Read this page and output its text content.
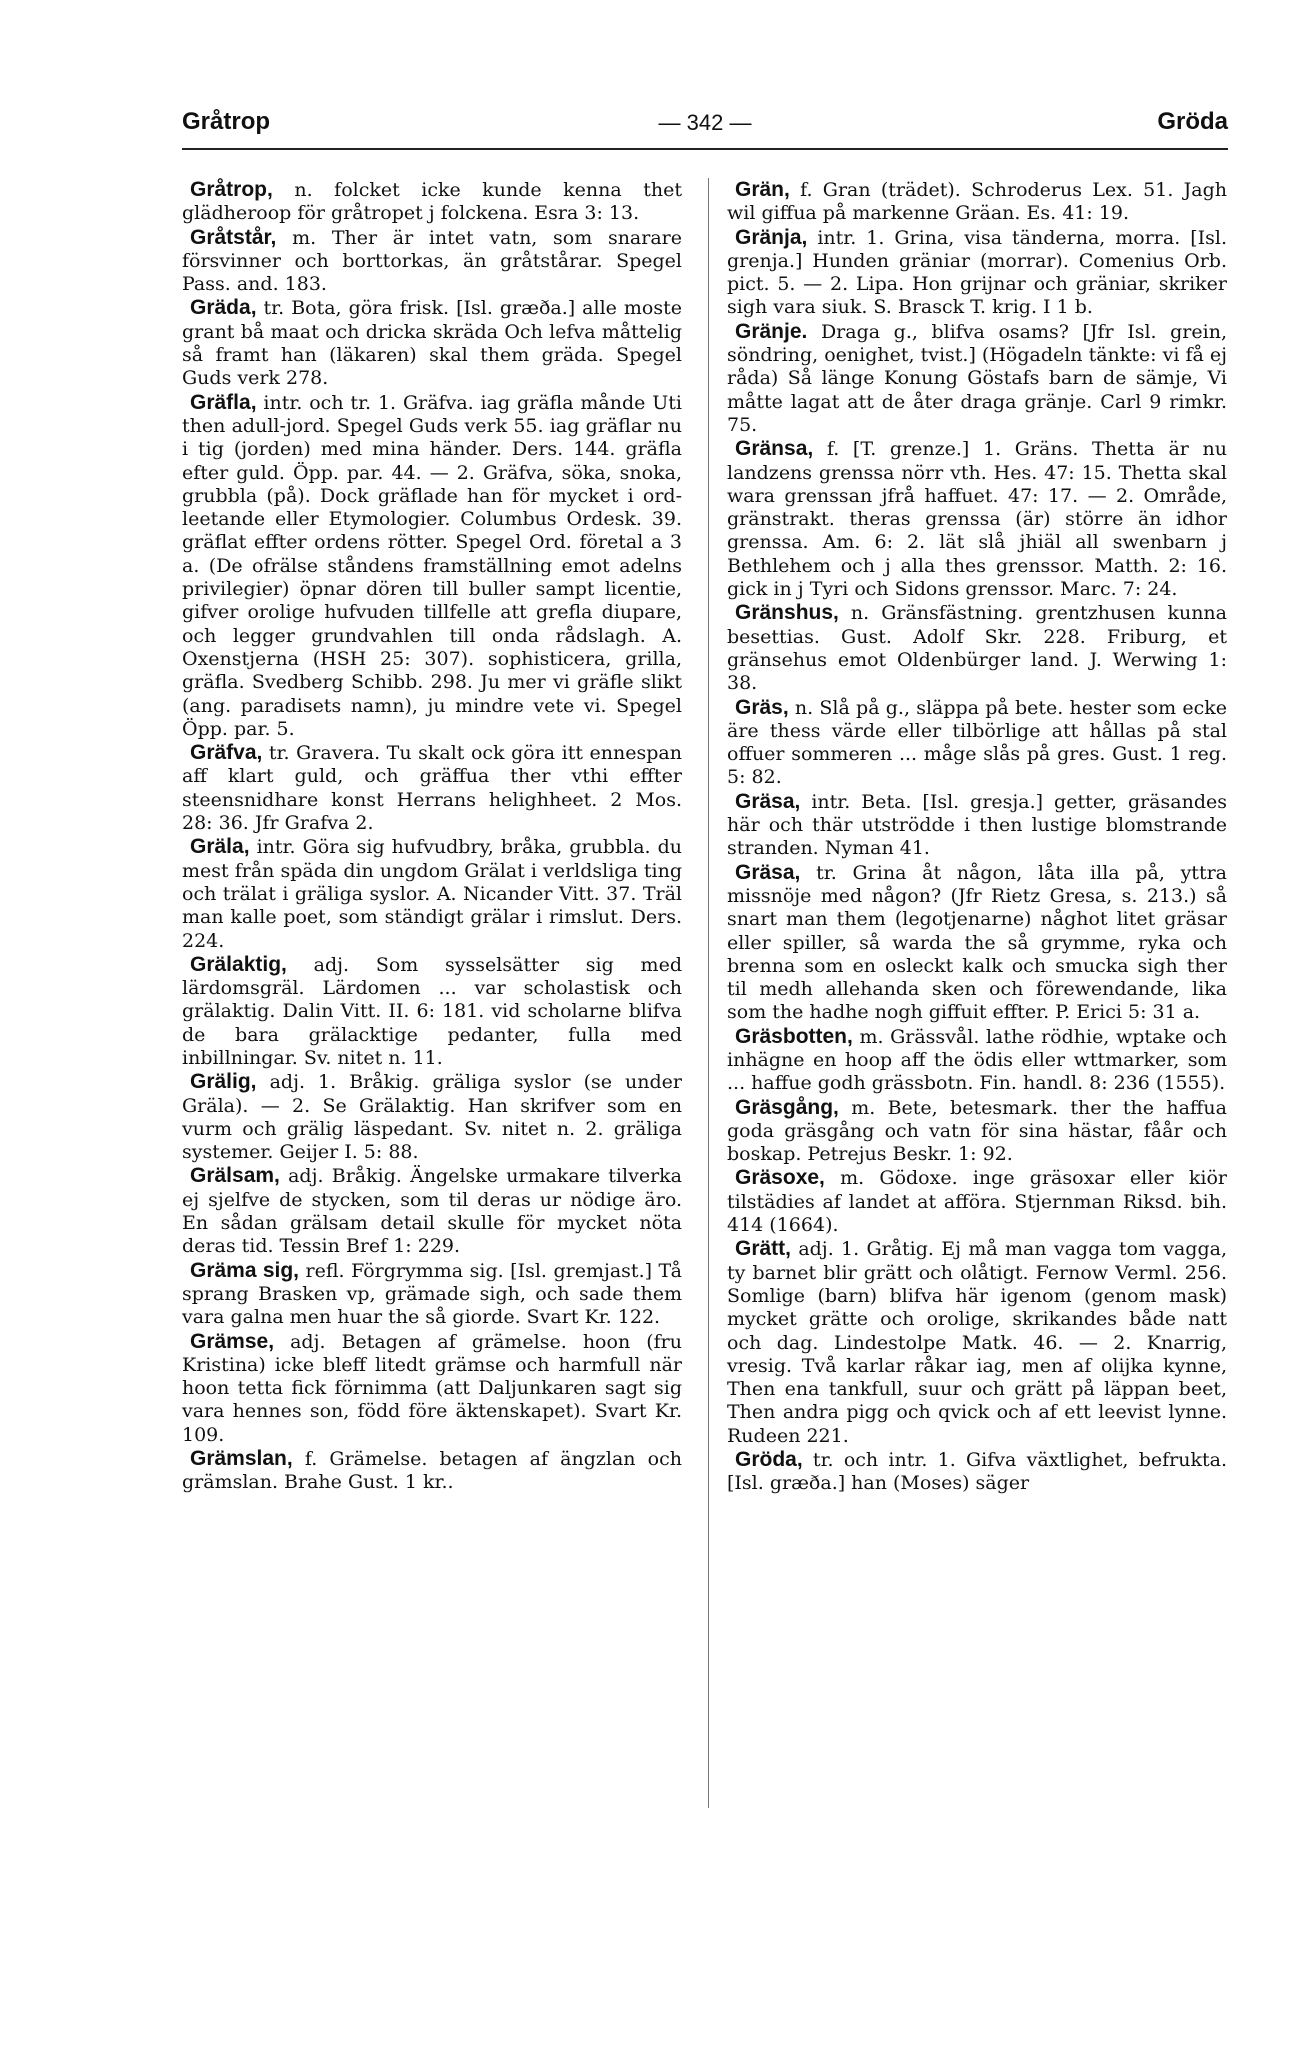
Gråtrop	— 342 —	Gröda

Gråtrop, n. folcket icke kunde kenna thet glädheroop för gråtropet j folckena. Esra 3: 13.

Gråtstår, m. Ther är intet vatn, som snarare försvinner och borttorkas, än gråtstårar. Spegel Pass. and. 183.

Gräda, tr. Bota, göra frisk. [Isl. græða.] alle moste grant bå maat och dricka skräda Och lefva måttelig så framt han (läkaren) skal them gräda. Spegel Guds verk 278.

Gräfla, intr. och tr. 1. Gräfva. iag gräfla månde Uti then adull-jord. Spegel Guds verk 55. iag gräflar nu i tig (jorden) med mina händer. Ders. 144. gräfla efter guld. Öpp. par. 44. — 2. Gräfva, söka, snoka, grubbla (på). Dock gräflade han för mycket i ord-leetande eller Etymologier. Columbus Ordesk. 39. gräflat effter ordens rötter. Spegel Ord. företal a 3 a. (De ofrälse ståndens framställning emot adelns privilegier) öpnar dören till buller sampt licentie, gifver orolige hufvuden tillfelle att grefla diupare, och legger grundvahlen till onda rådslagh. A. Oxenstjerna (HSH 25: 307). sophisticera, grilla, gräfla. Svedberg Schibb. 298. Ju mer vi gräfle slikt (ang. paradisets namn), ju mindre vete vi. Spegel Öpp. par. 5.

Gräfva, tr. Gravera. Tu skalt ock göra itt ennespan aff klart guld, och gräffua ther vthi effter steensnidhare konst Herrans helighheet. 2 Mos. 28: 36. Jfr Grafva 2.

Gräla, intr. Göra sig hufvudbry, bråka, grubbla. du mest från späda din ungdom Grälat i verldsliga ting och trälat i gräliga syslor. A. Nicander Vitt. 37. Träl man kalle poet, som ständigt grälar i rimslut. Ders. 224.

Grälaktig, adj. Som sysselsätter sig med lärdomsgräl. Lärdomen ... var scholastisk och grälaktig. Dalin Vitt. II. 6: 181. vid scholarne blifva de bara grälacktige pedanter, fulla med inbillningar. Sv. nitet n. 11.

Grälig, adj. 1. Bråkig. gräliga syslor (se under Gräla). — 2. Se Grälaktig. Han skrifver som en vurm och grälig läspedant. Sv. nitet n. 2. gräliga systemer. Geijer I. 5: 88.

Grälsam, adj. Bråkig. Ängelske urmakare tilverka ej sjelfve de stycken, som til deras ur nödige äro. En sådan grälsam detail skulle för mycket nöta deras tid. Tessin Bref 1: 229.

Gräma sig, refl. Förgrymma sig. [Isl. gremjast.] Tå sprang Brasken vp, grämade sigh, och sade them vara galna men huar the så giorde. Svart Kr. 122.

Grämse, adj. Betagen af grämelse. hoon (fru Kristina) icke bleff litedt grämse och harmfull när hoon tetta fick förnimma (att Daljunkaren sagt sig vara hennes son, född före äktenskapet). Svart Kr. 109.

Grämslan, f. Grämelse. betagen af ängzlan och grämslan. Brahe Gust. 1 kr..

Grän, f. Gran (trädet). Schroderus Lex. 51. Jagh wil giffua på markenne Gräan. Es. 41: 19.

Gränja, intr. 1. Grina, visa tänderna, morra. [Isl. grenja.] Hunden gräniar (morrar). Comenius Orb. pict. 5. — 2. Lipa. Hon grijnar och gräniar, skriker sigh vara siuk. S. Brasck T. krig. I 1 b.

Gränje. Draga g., blifva osams? [Jfr Isl. grein, söndring, oenighet, tvist.] (Högadeln tänkte: vi få ej råda) Så länge Konung Göstafs barn de sämje, Vi måtte lagat att de åter draga gränje. Carl 9 rimkr. 75.

Gränsa, f. [T. grenze.] 1. Gräns. Thetta är nu landzens grenssa nörr vth. Hes. 47: 15. Thetta skal wara grenssan jfrå haffuet. 47: 17. — 2. Område, gränstrakt. theras grenssa (är) större än idhor grenssa. Am. 6: 2. lät slå jhiäl all swenbarn j Bethlehem och j alla thes grenssor. Matth. 2: 16. gick in j Tyri och Sidons grenssor. Marc. 7: 24.

Gränshus, n. Gränsfästning. grentzhusen kunna besettias. Gust. Adolf Skr. 228. Friburg, et gränsehus emot Oldenbürger land. J. Werwing 1: 38.

Gräs, n. Slå på g., släppa på bete. hester som ecke äre thess värde eller tilbörlige att hållas på stal offuer sommeren ... måge slås på gres. Gust. 1 reg. 5: 82.

Gräsa, intr. Beta. [Isl. gresja.] getter, gräsandes här och thär utströdde i then lustige blomstrande stranden. Nyman 41.

Gräsa, tr. Grina åt någon, låta illa på, yttra missnöje med någon? (Jfr Rietz Gresa, s. 213.) så snart man them (legotjenarne) någhot litet gräsar eller spiller, så warda the så grymme, ryka och brenna som en osleckt kalk och smucka sigh ther til medh allehanda sken och förewendande, lika som the hadhe nogh giffuit effter. P. Erici 5: 31 a.

Gräsbotten, m. Grässvål. lathe rödhie, wptake och inhägne en hoop aff the ödis eller wttmarker, som ... haffue godh grässbotn. Fin. handl. 8: 236 (1555).

Gräsgång, m. Bete, betesmark. ther the haffua goda gräsgång och vatn för sina hästar, fåår och boskap. Petrejus Beskr. 1: 92.

Gräsoxe, m. Gödoxe. inge gräsoxar eller kiör tilstädies af landet at afföra. Stjernman Riksd. bih. 414 (1664).

Grätt, adj. 1. Gråtig. Ej må man vagga tom vagga, ty barnet blir grätt och olåtigt. Fernow Verml. 256. Somlige (barn) blifva här igenom (genom mask) mycket grätte och orolige, skrikandes både natt och dag. Lindestolpe Matk. 46. — 2. Knarrig, vresig. Två karlar råkar iag, men af olijka kynne, Then ena tankfull, suur och grätt på läppan beet, Then andra pigg och qvick och af ett leevist lynne. Rudeen 221.

Gröda, tr. och intr. 1. Gifva växtlighet, befrukta. [Isl. græða.] han (Moses) säger
